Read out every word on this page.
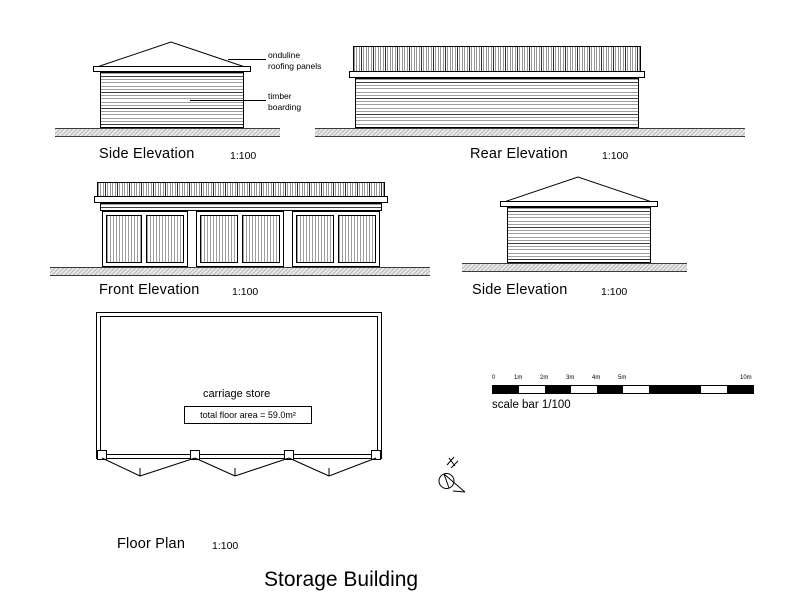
onduline
roofing panels
timber
boarding
Side Elevation	1:100	Rear Elevation	1:100
Front Elevation	1:100	Side Elevation	1:100
carriage store
total floor area = 59.0m²
Floor Plan	1:100
0	1m	2m	3m	4m	5m	10m
scale bar 1/100
Storage Building
